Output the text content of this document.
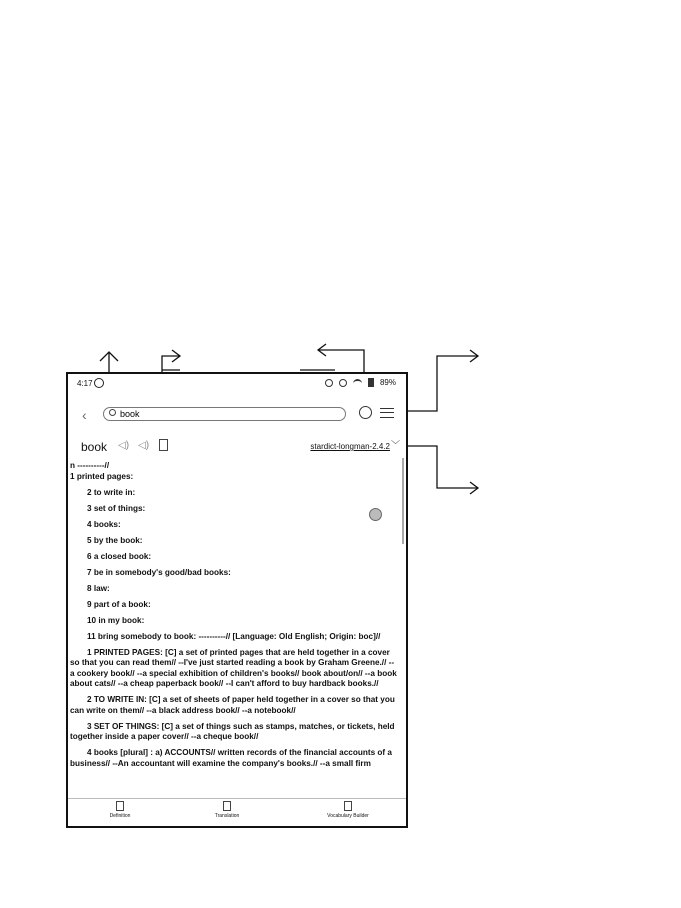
4:17	89%
‹
book
book ◁) ◁)	stardict-longman-2.4.2 ﹀

n ----------//

1 printed pages:

2 to write in:

3 set of things:

4 books:

5 by the book:

6 a closed book:

7 be in somebody's good/bad books:

8 law:

9 part of a book:

10 in my book:

11 bring somebody to book: ----------// [Language: Old English; Origin: boc]//

1 PRINTED PAGES: [C] a set of printed pages that are held together in a cover so that you can read them// --I've just started reading a book by Graham Greene.// --a cookery book// --a special exhibition of children's books// book about/on// --a book about cats// --a cheap paperback book// --I can't afford to buy hardback books.//

2 TO WRITE IN: [C] a set of sheets of paper held together in a cover so that you can write on them// --a black address book// --a notebook//

3 SET OF THINGS: [C] a set of things such as stamps, matches, or tickets, held together inside a paper cover// --a cheque book//

4 books [plural] : a) ACCOUNTS// written records of the financial accounts of a business// --An accountant will examine the company's books.// --a small firm

Definition	Translation	Vocabulary Builder
